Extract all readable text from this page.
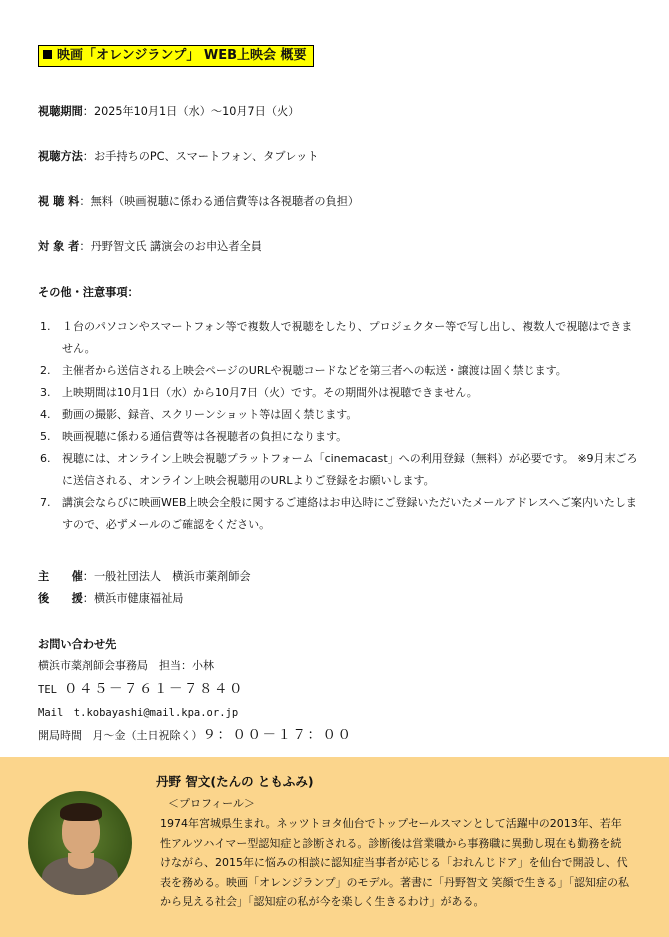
映画「オレンジランプ」 WEB上映会 概要
視聴期間：2025年10月1日（水）～10月7日（火）
視聴方法：お手持ちのPC、スマートフォン、タブレット
視 聴 料：無料（映画視聴に係わる通信費等は各視聴者の負担）
対 象 者：丹野智文氏 講演会のお申込者全員
その他・注意事項：
1. １台のパソコンやスマートフォン等で複数人で視聴をしたり、プロジェクター等で写し出し、複数人で視聴はできません。
2. 主催者から送信される上映会ページのURLや視聴コードなどを第三者への転送・譲渡は固く禁じます。
3. 上映期間は10月1日（水）から10月7日（火）です。その期間外は視聴できません。
4. 動画の撮影、録音、スクリーンショット等は固く禁じます。
5. 映画視聴に係わる通信費等は各視聴者の負担になります。
6. 視聴には、オンライン上映会視聴プラットフォーム「cinemacast」への利用登録（無料）が必要です。 ※9月末ごろに送信される、オンライン上映会視聴用のURLよりご登録をお願いします。
7. 講演会ならびに映画WEB上映会全般に関するご連絡はお申込時にご登録いただいたメールアドレスへご案内いたしますので、必ずメールのご確認をください。
主　　催：一般社団法人　横浜市薬剤師会
後　　援：横浜市健康福祉局
お問い合わせ先
横浜市薬剤師会事務局　担当：小林
TEL ０４５－７６１－７８４０
Mail t.kobayashi@mail.kpa.or.jp
開局時間 月～金（土日祝除く）９：００－１７：００
丹野 智文(たんの ともふみ)
＜プロフィール＞
1974年宮城県生まれ。ネッツトヨタ仙台でトップセールスマンとして活躍中の2013年、若年性アルツハイマー型認知症と診断される。診断後は営業職から事務職に異動し現在も勤務を続けながら、2015年に悩みの相談に認知症当事者が応じる「おれんじドア」を仙台で開設し、代表を務める。映画「オレンジランプ」のモデル。著書に「丹野智文 笑顔で生きる」「認知症の私から見える社会」「認知症の私が今を楽しく生きるわけ」がある。
